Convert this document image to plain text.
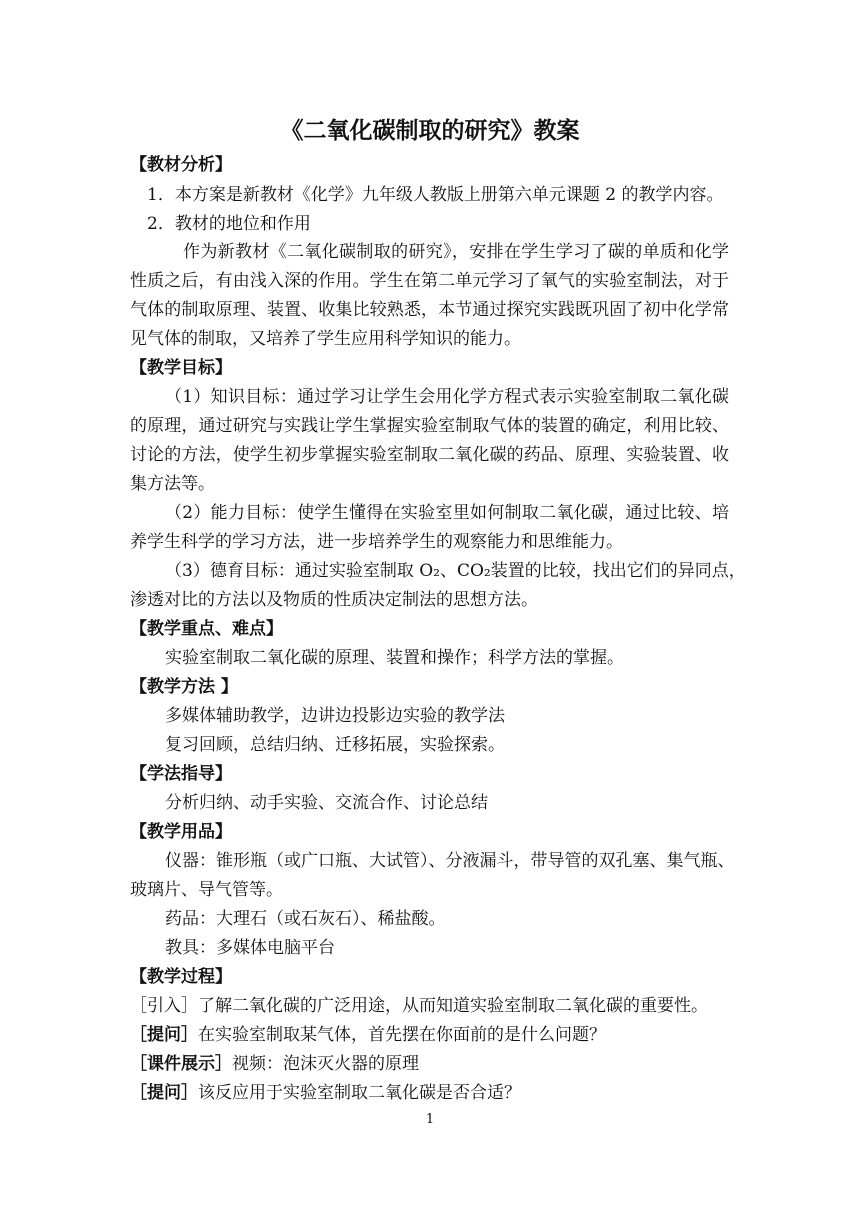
《二氧化碳制取的研究》教案
【教材分析】
1．本方案是新教材《化学》九年级人教版上册第六单元课题 2 的教学内容。
2．教材的地位和作用
作为新教材《二氧化碳制取的研究》，安排在学生学习了碳的单质和化学
性质之后，有由浅入深的作用。学生在第二单元学习了氧气的实验室制法，对于
气体的制取原理、装置、收集比较熟悉，本节通过探究实践既巩固了初中化学常
见气体的制取，又培养了学生应用科学知识的能力。
【教学目标】
（1）知识目标：通过学习让学生会用化学方程式表示实验室制取二氧化碳
的原理，通过研究与实践让学生掌握实验室制取气体的装置的确定，利用比较、
讨论的方法，使学生初步掌握实验室制取二氧化碳的药品、原理、实验装置、收
集方法等。
（2）能力目标：使学生懂得在实验室里如何制取二氧化碳，通过比较、培
养学生科学的学习方法，进一步培养学生的观察能力和思维能力。
（3）德育目标：通过实验室制取 O₂、CO₂装置的比较，找出它们的异同点，
渗透对比的方法以及物质的性质决定制法的思想方法。
【教学重点、难点】
实验室制取二氧化碳的原理、装置和操作；科学方法的掌握。
【教学方法 】
多媒体辅助教学，边讲边投影边实验的教学法
复习回顾，总结归纳、迁移拓展，实验探索。
【学法指导】
分析归纳、动手实验、交流合作、讨论总结
【教学用品】
仪器：锥形瓶（或广口瓶、大试管）、分液漏斗，带导管的双孔塞、集气瓶、
玻璃片、导气管等。
药品：大理石（或石灰石）、稀盐酸。
教具：多媒体电脑平台
【教学过程】
［引入］了解二氧化碳的广泛用途，从而知道实验室制取二氧化碳的重要性。
［提问］在实验室制取某气体，首先摆在你面前的是什么问题？
［课件展示］视频：泡沫灭火器的原理
［提问］该反应用于实验室制取二氧化碳是否合适？
1
